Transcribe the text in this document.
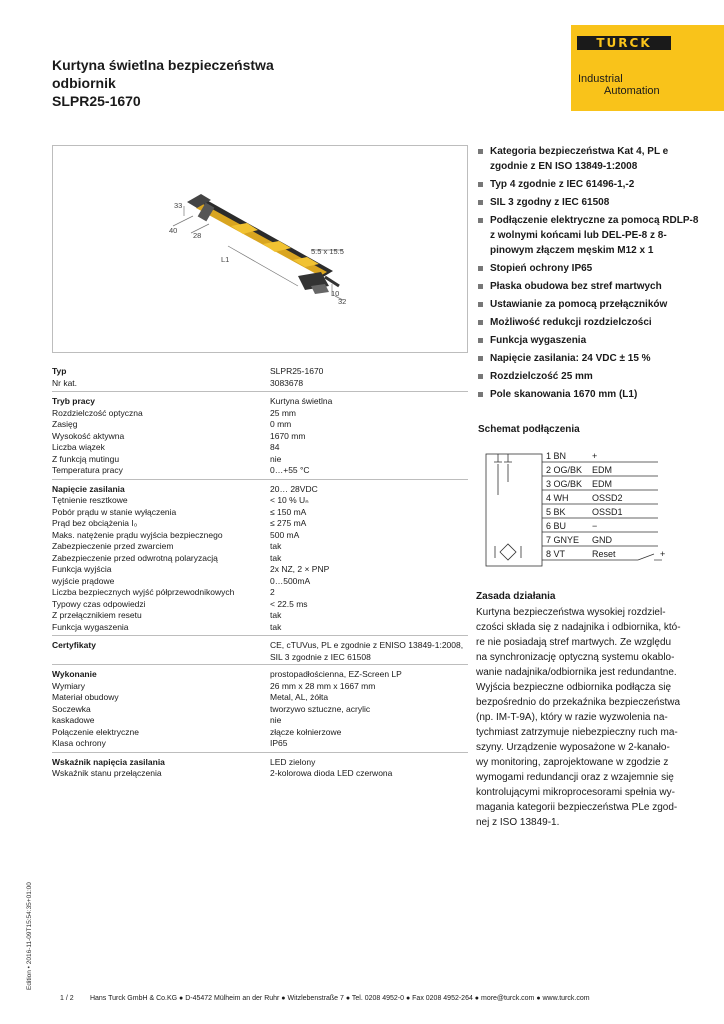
Kurtyna świetlna bezpieczeństwa
odbiornik
SLPR25-1670
TURCK
Industrial
Automation
33
40
28
5.5 x 15.5
L1
10
32
Kategoria bezpieczeństwa Kat 4, PL e zgodnie z EN ISO 13849-1:2008
Typ 4 zgodnie z IEC 61496-1,-2
SIL 3 zgodny z IEC 61508
Podłączenie elektryczne za pomocą RDLP-8 z wolnymi końcami lub DEL-PE-8 z 8-pinowym złączem męskim M12 x 1
Stopień ochrony IP65
Płaska obudowa bez stref martwych
Ustawianie za pomocą przełączników
Możliwość redukcji rozdzielczości
Funkcja wygaszenia
Napięcie zasilania: 24 VDC ± 15 %
Rozdzielczość 25 mm
Pole skanowania 1670 mm (L1)
Typ	SLPR25-1670
Nr kat.	3083678
Tryb pracy	Kurtyna świetlna
Rozdzielczość optyczna	25 mm
Zasięg	0 mm
Wysokość aktywna	1670 mm
Liczba wiązek	84
Z funkcją mutingu	nie
Temperatura pracy	0…+55 °C
Napięcie zasilania	20… 28VDC
Tętnienie resztkowe	< 10 % Uₙ
Pobór prądu w stanie wyłączenia	≤ 150 mA
Prąd bez obciążenia I₀	≤ 275 mA
Maks. natężenie prądu wyjścia bezpiecznego	500 mA
Zabezpieczenie przed zwarciem	tak
Zabezpieczenie przed odwrotną polaryzacją	tak
Funkcja wyjścia	2x NZ, 2 × PNP
wyjście prądowe	0…500mA
Liczba bezpiecznych wyjść półprzewodnikowych	2
Typowy czas odpowiedzi	< 22.5 ms
Z przełącznikiem resetu	tak
Funkcja wygaszenia	tak
Certyfikaty	CE, cTUVus, PL e zgodnie z ENISO 13849-1:2008, SIL 3 zgodnie z IEC 61508
Wykonanie	prostopadłościenna, EZ-Screen LP
Wymiary	26 mm x 28 mm x 1667 mm
Materiał obudowy	Metal, AL, żółta
Soczewka	tworzywo sztuczne, acrylic
kaskadowe	nie
Połączenie elektryczne	złącze kołnierzowe
Klasa ochrony	IP65
Wskaźnik napięcia zasilania	LED zielony
Wskaźnik stanu przełączenia	2-kolorowa dioda LED czerwona
Schemat podłączenia
1 BN	+
2 OG/BK EDM
3 OG/BK EDM
4 WH	OSSD2
5 BK	OSSD1
6 BU	−
7 GNYE GND
8 VT	Reset	+
Zasada działania
Kurtyna bezpieczeństwa wysokiej rozdziel-
czości składa się z nadajnika i odbiornika, któ-
re nie posiadają stref martwych. Ze względu
na synchronizację optyczną systemu okablo-
wanie nadajnika/odbiornika jest redundantne.
Wyjścia bezpieczne odbiornika podłącza się
bezpośrednio do przekaźnika bezpieczeństwa
(np. IM-T-9A), który w razie wyzwolenia na-
tychmiast zatrzymuje niebezpieczny ruch ma-
szyny. Urządzenie wyposażone w 2-kanało-
wy monitoring, zaprojektowane w zgodzie z
wymogami redundancji oraz z wzajemnie się
kontrolującymi mikroprocesorami spełnia wy-
magania kategorii bezpieczeństwa PLe zgod-
nej z ISO 13849-1.
Edition • 2016-11-09T15:54:35+01:00
1 / 2 Hans Turck GmbH & Co.KG ● D-45472 Mülheim an der Ruhr ● Witzlebenstraße 7 ● Tel. 0208 4952-0 ● Fax 0208 4952-264 ● more@turck.com ● www.turck.com
